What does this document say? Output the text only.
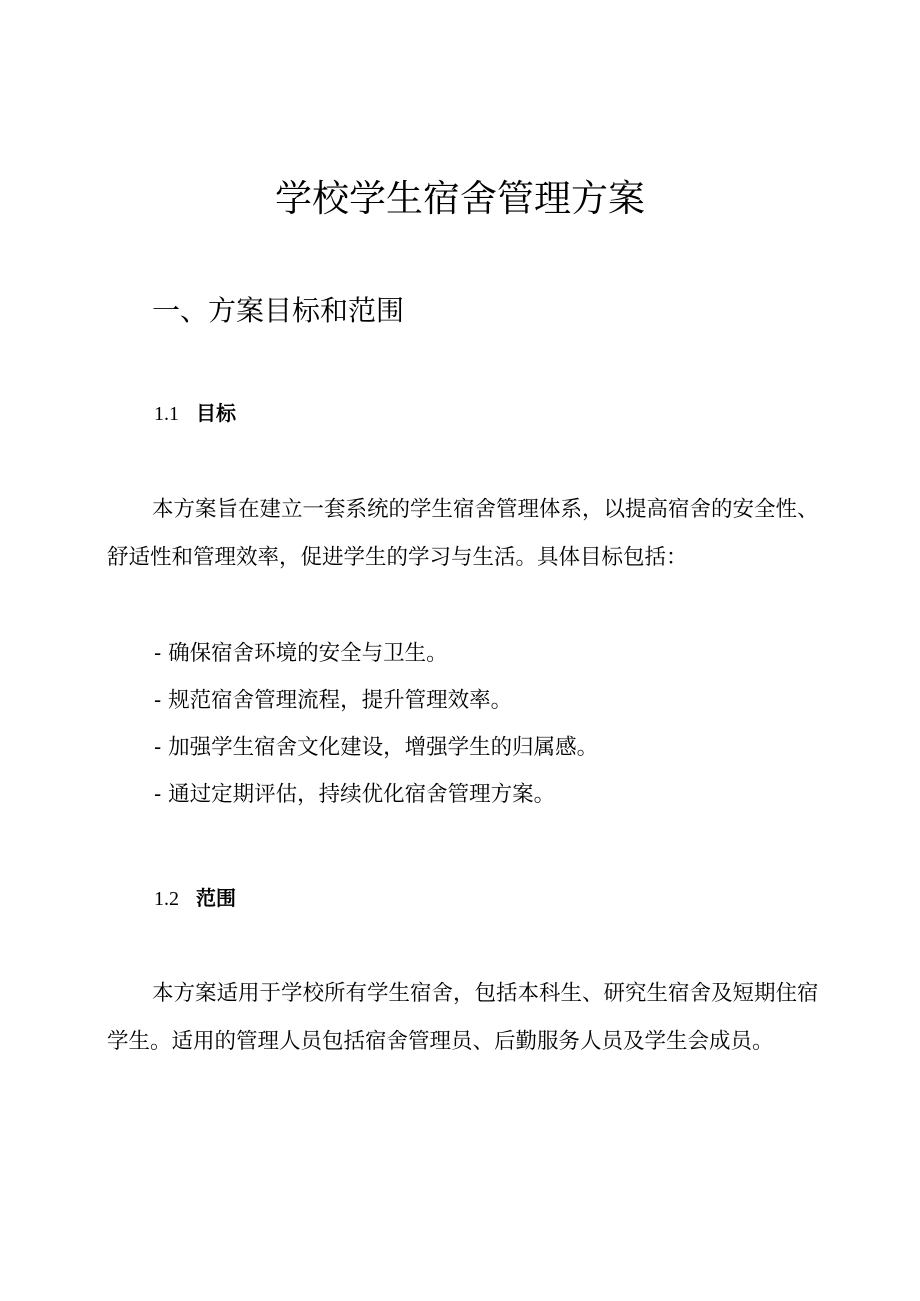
学校学生宿舍管理方案
一、方案目标和范围
1.1 目标

本方案旨在建立一套系统的学生宿舍管理体系，以提高宿舍的安全性、舒适性和管理效率，促进学生的学习与生活。具体目标包括：

- 确保宿舍环境的安全与卫生。
- 规范宿舍管理流程，提升管理效率。
- 加强学生宿舍文化建设，增强学生的归属感。
- 通过定期评估，持续优化宿舍管理方案。
1.2 范围

本方案适用于学校所有学生宿舍，包括本科生、研究生宿舍及短期住宿学生。适用的管理人员包括宿舍管理员、后勤服务人员及学生会成员。
